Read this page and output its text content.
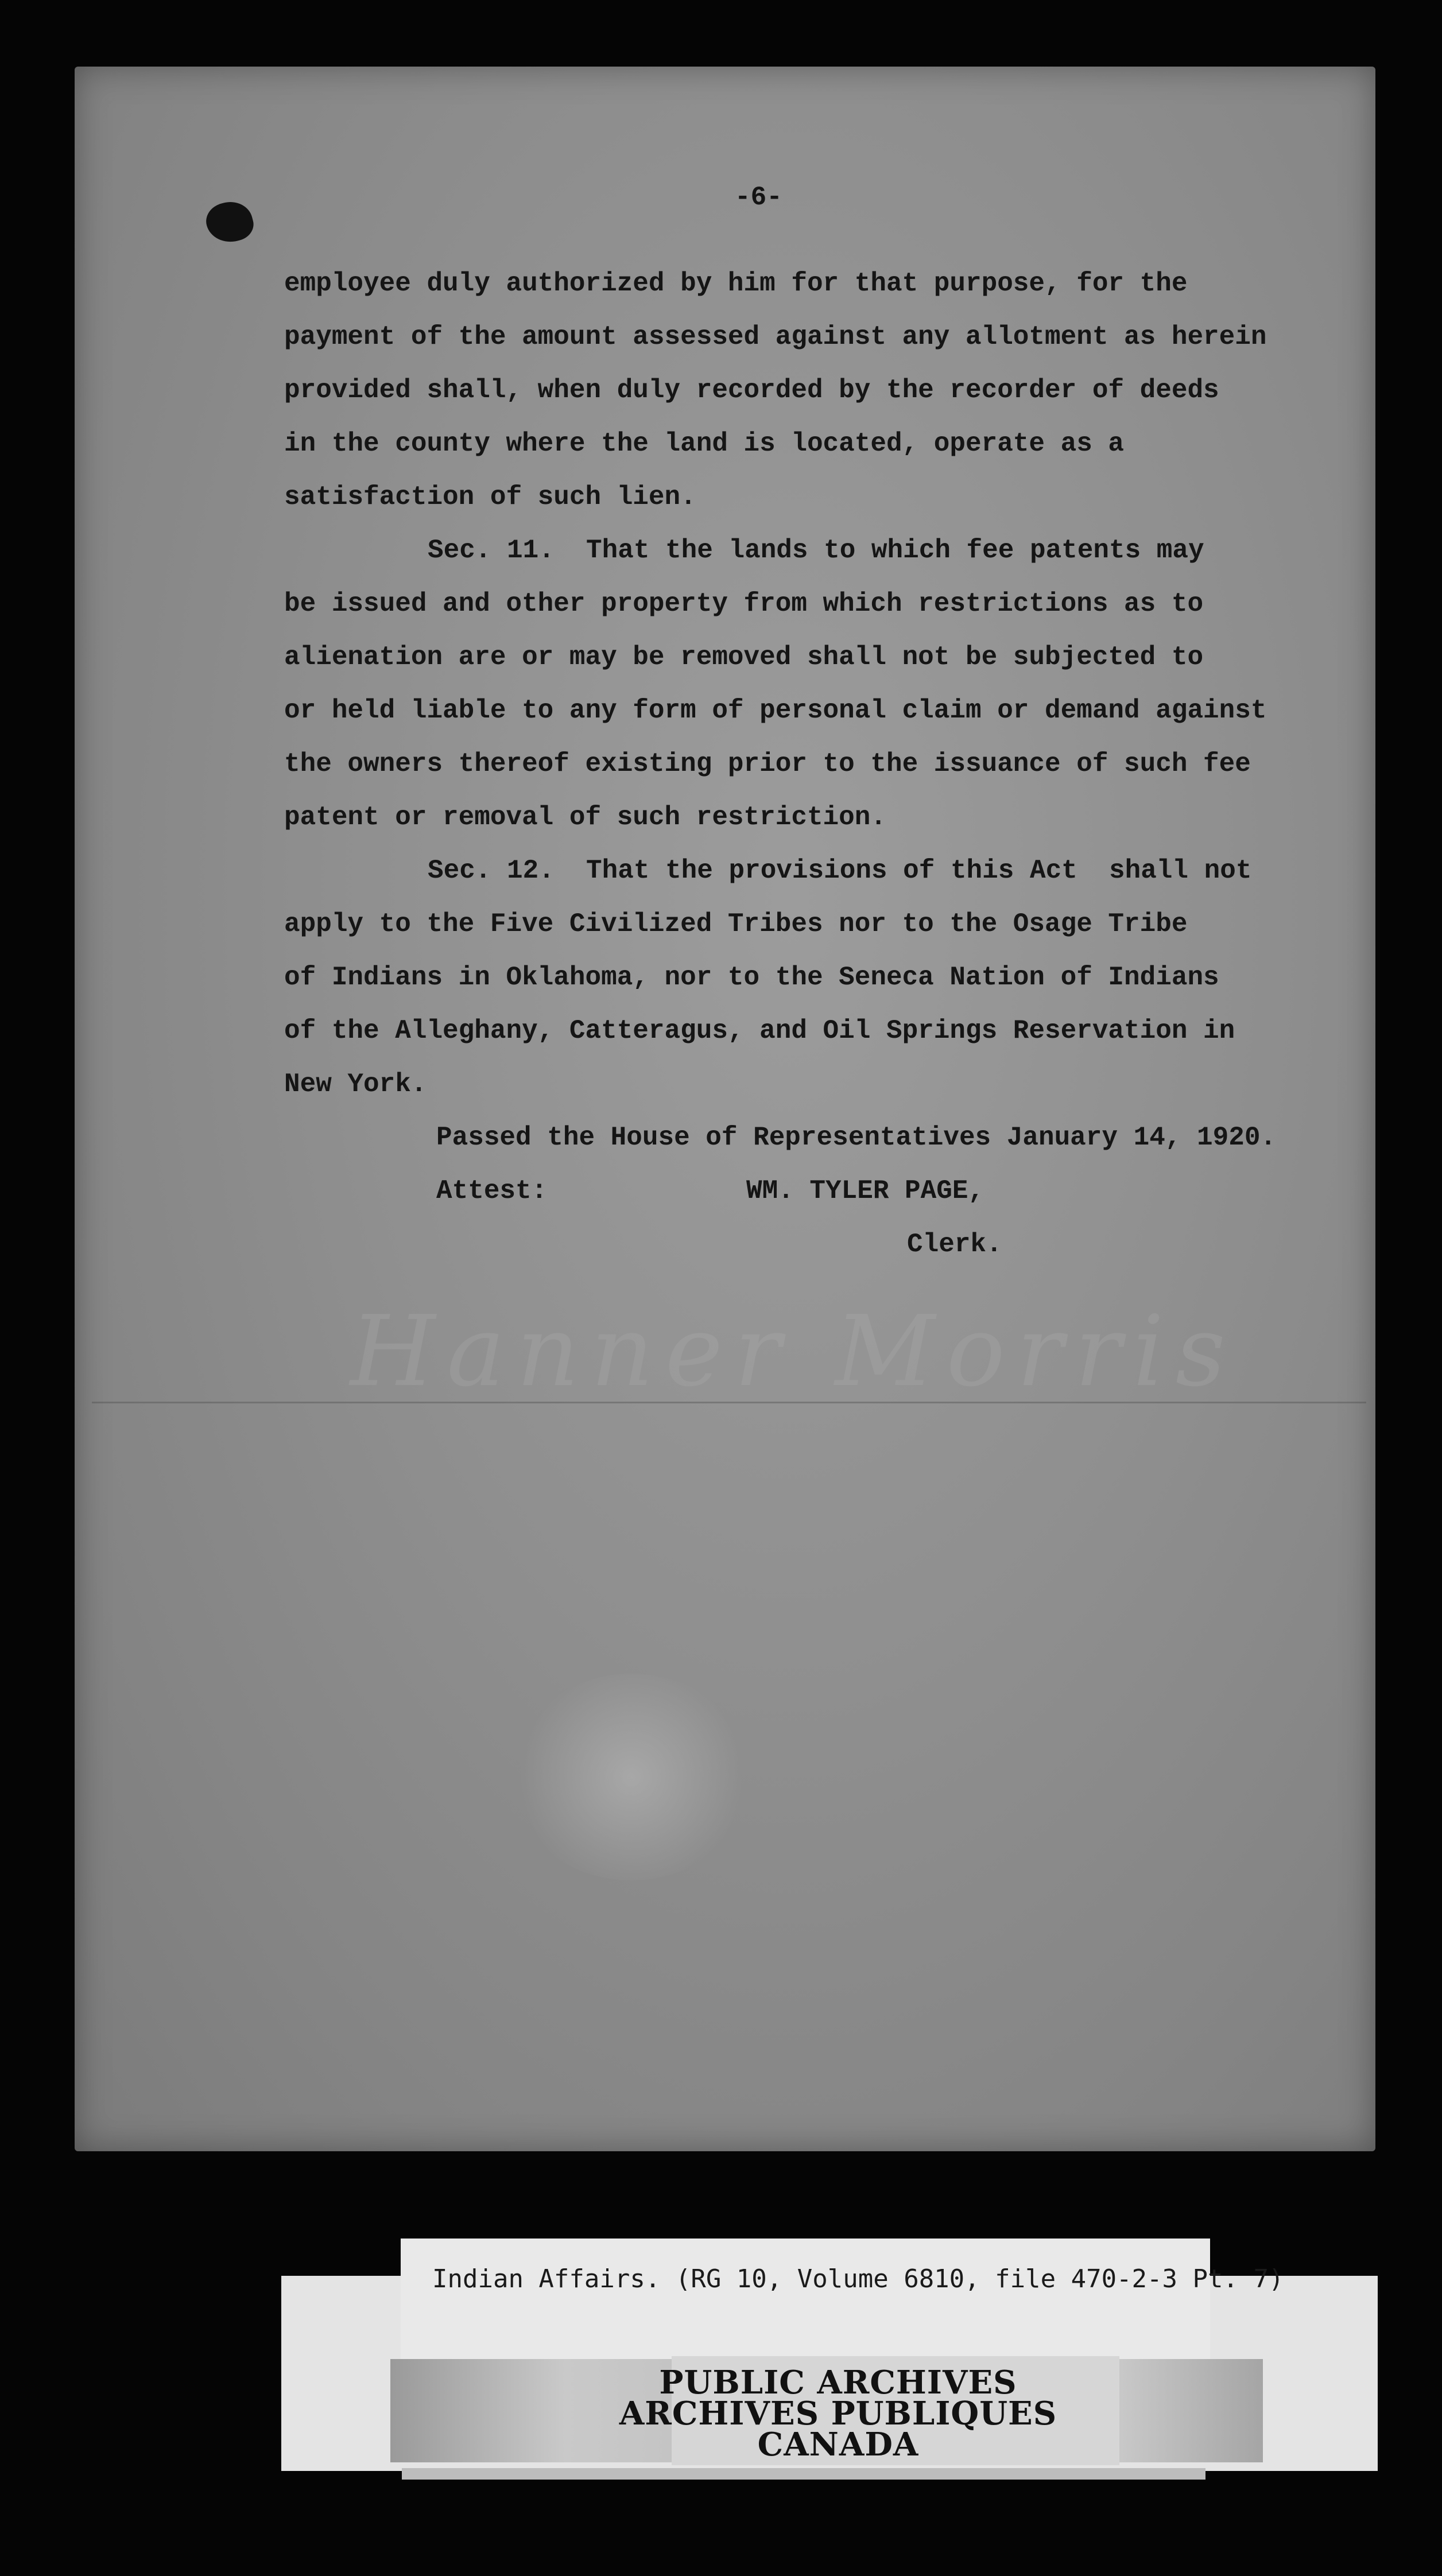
Hanner Morris
-6-
employee duly authorized by him for that purpose, for the
payment of the amount assessed against any allotment as herein
provided shall, when duly recorded by the recorder of deeds
in the county where the land is located, operate as a
satisfaction of such lien.
Sec. 11.  That the lands to which fee patents may
be issued and other property from which restrictions as to
alienation are or may be removed shall not be subjected to
or held liable to any form of personal claim or demand against
the owners thereof existing prior to the issuance of such fee
patent or removal of such restriction.
Sec. 12.  That the provisions of this Act  shall not
apply to the Five Civilized Tribes nor to the Osage Tribe
of Indians in Oklahoma, nor to the Seneca Nation of Indians
of the Alleghany, Catteragus, and Oil Springs Reservation in
New York.
Passed the House of Representatives January 14, 1920.
Attest:	WM. TYLER PAGE,
Clerk.
Indian Affairs. (RG 10, Volume 6810, file 470-2-3 Pt. 7)
PUBLIC ARCHIVES
ARCHIVES PUBLIQUES
CANADA
